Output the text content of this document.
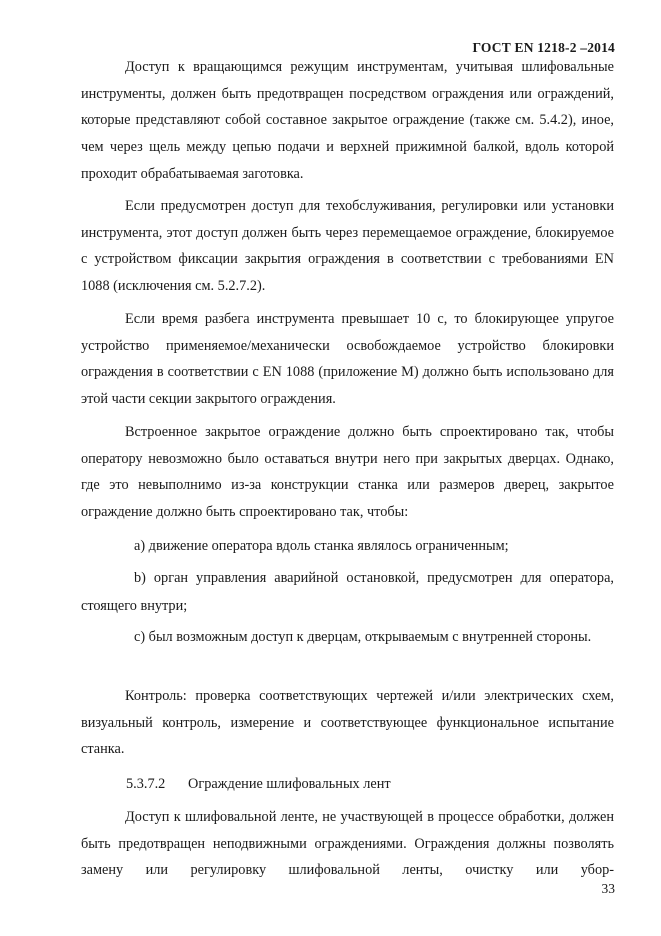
ГОСТ EN 1218-2 –2014

Доступ к вращающимся режущим инструментам, учитывая шлифовальные инструменты, должен быть предотвращен посредством ограждения или ограждений, которые представляют собой составное закрытое ограждение (также см. 5.4.2), иное, чем через щель между цепью подачи и верхней прижимной балкой, вдоль которой проходит обрабатываемая заготовка.

Если предусмотрен доступ для техобслуживания, регулировки или установки инструмента, этот доступ должен быть через перемещаемое ограждение, блокируемое с устройством фиксации закрытия ограждения в соответствии с требованиями EN 1088 (исключения см. 5.2.7.2).

Если время разбега инструмента превышает 10 с, то блокирующее упругое устройство применяемое/механически освобождаемое устройство блокировки ограждения в соответствии с EN 1088 (приложение М) должно быть использовано для этой части секции закрытого ограждения.

Встроенное закрытое ограждение должно быть спроектировано так, чтобы оператору невозможно было оставаться внутри него при закрытых дверцах. Однако, где это невыполнимо из-за конструкции станка или размеров дверец, закрытое ограждение должно быть спроектировано так, чтобы:

а) движение оператора вдоль станка являлось ограниченным;

b) орган управления аварийной остановкой, предусмотрен для оператора, стоящего внутри;

с) был возможным доступ к дверцам, открываемым с внутренней стороны.

Контроль: проверка соответствующих чертежей и/или электрических схем, визуальный контроль, измерение и соответствующее функциональное испытание станка.

5.3.7.2 Ограждение шлифовальных лент

Доступ к шлифовальной ленте, не участвующей в процессе обработки, должен быть предотвращен неподвижными ограждениями. Ограждения должны позволять замену или регулировку шлифовальной ленты, очистку или убор-

33
